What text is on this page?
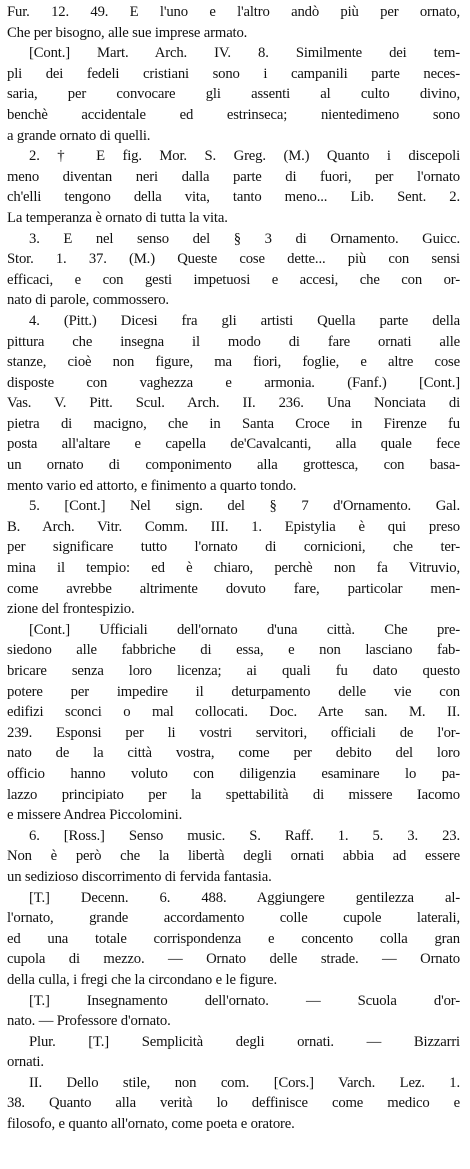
Fur. 12. 49. E l'uno e l'altro andò più per ornato,
Che per bisogno, alle sue imprese armato.
[Cont.] Mart. Arch. IV. 8. Similmente dei tem-
pli dei fedeli cristiani sono i campanili parte neces-
saria, per convocare gli assenti al culto divino,
benchè accidentale ed estrinseca; nientedimeno sono
a grande ornato di quelli.
2. † E fig. Mor. S. Greg. (M.) Quanto i discepoli
meno diventan neri dalla parte di fuori, per l'ornato
ch'elli tengono della vita, tanto meno... Lib. Sent. 2.
La temperanza è ornato di tutta la vita.
3. E nel senso del § 3 di Ornamento. Guicc.
Stor. 1. 37. (M.) Queste cose dette... più con sensi
efficaci, e con gesti impetuosi e accesi, che con or-
nato di parole, commossero.
4. (Pitt.) Dicesi fra gli artisti Quella parte della
pittura che insegna il modo di fare ornati alle
stanze, cioè non figure, ma fiori, foglie, e altre cose
disposte con vaghezza e armonia. (Fanf.) [Cont.]
Vas. V. Pitt. Scul. Arch. II. 236. Una Nonciata di
pietra di macigno, che in Santa Croce in Firenze fu
posta all'altare e capella de'Cavalcanti, alla quale fece
un ornato di componimento alla grottesca, con basa-
mento vario ed attorto, e finimento a quarto tondo.
5. [Cont.] Nel sign. del § 7 d'Ornamento. Gal.
B. Arch. Vitr. Comm. III. 1. Epistylia è qui preso
per significare tutto l'ornato di cornicioni, che ter-
mina il tempio: ed è chiaro, perchè non fa Vitruvio,
come avrebbe altrimente dovuto fare, particolar men-
zione del frontespizio.
[Cont.] Ufficiali dell'ornato d'una città. Che pre-
siedono alle fabbriche di essa, e non lasciano fab-
bricare senza loro licenza; ai quali fu dato questo
potere per impedire il deturpamento delle vie con
edifizi sconci o mal collocati. Doc. Arte san. M. II.
239. Esponsi per li vostri servitori, officiali de l'or-
nato de la città vostra, come per debito del loro
officio hanno voluto con diligenzia esaminare lo pa-
lazzo principiato per la spettabilità di missere Iacomo
e missere Andrea Piccolomini.
6. [Ross.] Senso music. S. Raff. 1. 5. 3. 23.
Non è però che la libertà degli ornati abbia ad essere
un sedizioso discorrimento di fervida fantasia.
[T.] Decenn. 6. 488. Aggiungere gentilezza al-
l'ornato, grande accordamento colle cupole laterali,
ed una totale corrispondenza e concento colla gran
cupola di mezzo. — Ornato delle strade. — Ornato
della culla, i fregi che la circondano e le figure.
[T.] Insegnamento dell'ornato. — Scuola d'or-
nato. — Professore d'ornato.
Plur. [T.] Semplicità degli ornati. — Bizzarri
ornati.
II. Dello stile, non com. [Cors.] Varch. Lez. 1.
38. Quanto alla verità lo deffinisce come medico e
filosofo, e quanto all'ornato, come poeta e oratore.
